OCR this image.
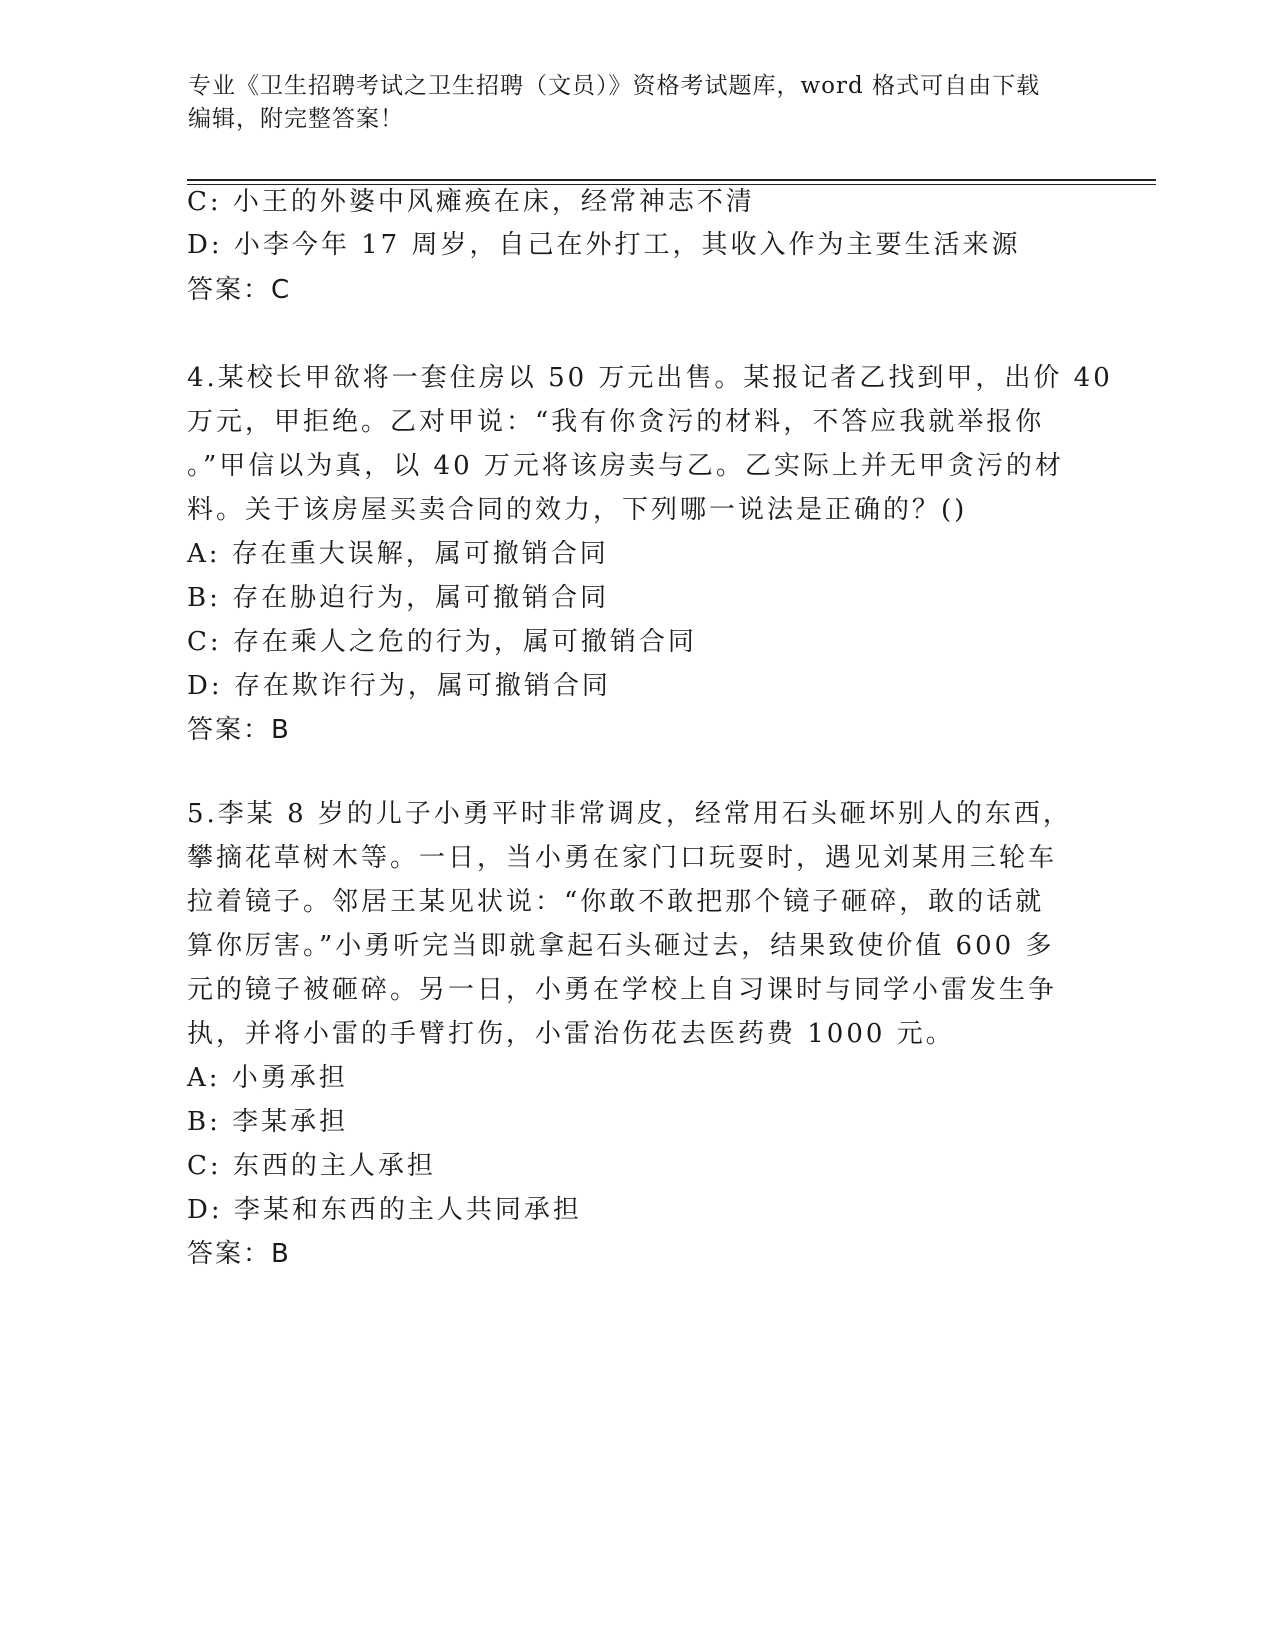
专业《卫生招聘考试之卫生招聘（文员）》资格考试题库，word 格式可自由下载
编辑，附完整答案！
C: 小王的外婆中风瘫痪在床，经常神志不清
D: 小李今年 17 周岁，自己在外打工，其收入作为主要生活来源
答案：C
4.某校长甲欲将一套住房以 50 万元出售。某报记者乙找到甲，出价 40
万元，甲拒绝。乙对甲说：“我有你贪污的材料，不答应我就举报你
。”甲信以为真，以 40 万元将该房卖与乙。乙实际上并无甲贪污的材
料。关于该房屋买卖合同的效力，下列哪一说法是正确的？()
A: 存在重大误解，属可撤销合同
B: 存在胁迫行为，属可撤销合同
C: 存在乘人之危的行为，属可撤销合同
D: 存在欺诈行为，属可撤销合同
答案：B
5.李某 8 岁的儿子小勇平时非常调皮，经常用石头砸坏别人的东西，
攀摘花草树木等。一日，当小勇在家门口玩耍时，遇见刘某用三轮车
拉着镜子。邻居王某见状说：“你敢不敢把那个镜子砸碎，敢的话就
算你厉害。”小勇听完当即就拿起石头砸过去，结果致使价值 600 多
元的镜子被砸碎。另一日，小勇在学校上自习课时与同学小雷发生争
执，并将小雷的手臂打伤，小雷治伤花去医药费 1000 元。
A: 小勇承担
B: 李某承担
C: 东西的主人承担
D: 李某和东西的主人共同承担
答案：B
